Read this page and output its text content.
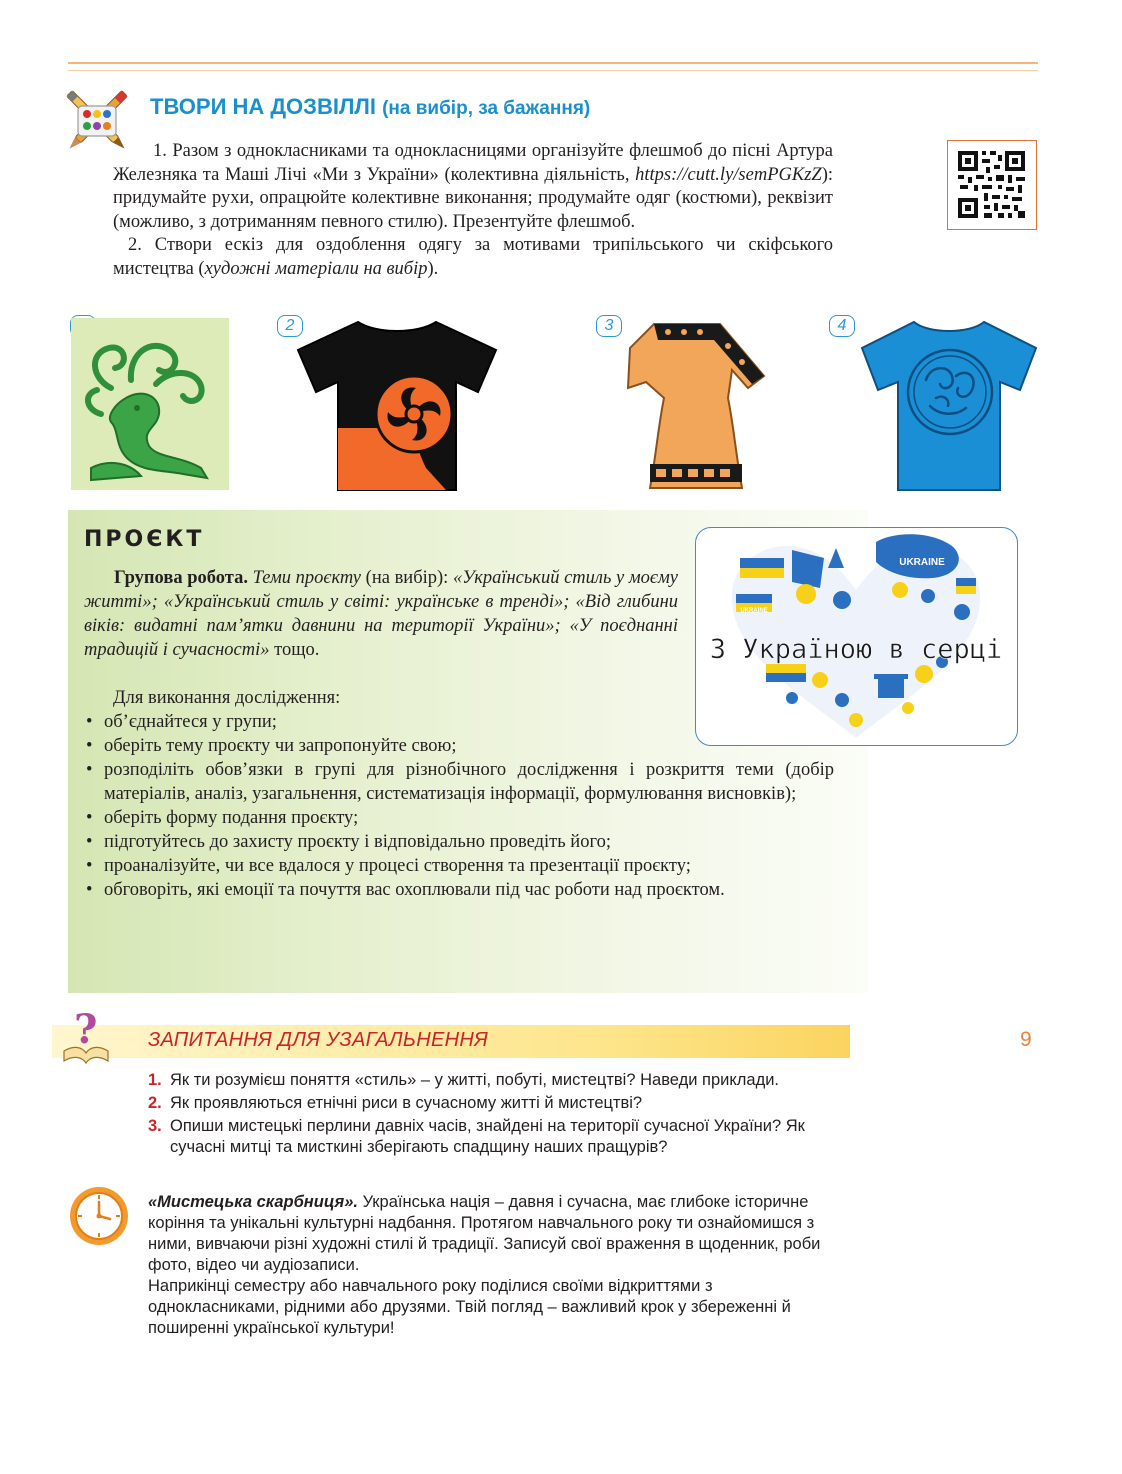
ТВОРИ НА ДОЗВІЛЛІ (на вибір, за бажання)

1. Разом з однокласниками та однокласницями організуйте флешмоб до пісні Артура Железняка та Маші Лічі «Ми з України» (колективна діяльність, https://cutt.ly/semPGKzZ): придумайте рухи, опрацюйте колективне виконання; продумайте одяг (костюми), реквізит (можливо, з дотриманням певного стилю). Презентуйте флешмоб.

2. Створи ескіз для оздоблення одягу за мотивами трипільського чи скіфського мистецтва (художні матеріали на вибір).

2	3	4
ПРОЄКТ
Групова робота. Теми проєкту (на вибір): «Український стиль у моєму житті»; «Український стиль у світі: українське в тренді»; «Від глибини віків: видатні пам’ятки давнини на території України»; «У поєднанні традицій і сучасності» тощо.
Для виконання дослідження:
• об’єднайтеся у групи;
• оберіть тему проєкту чи запропонуйте свою;
• розподіліть обов’язки в групі для різнобічного дослідження і розкриття теми (добір матеріалів, аналіз, узагальнення, систематизація інформації, формулювання висновків);
• оберіть форму подання проєкту;
• підготуйтесь до захисту проєкту і відповідально проведіть його;
• проаналізуйте, чи все вдалося у процесі створення та презентації проєкту;
• обговоріть, які емоції та почуття вас охоплювали під час роботи над проєктом.
UKRAINE
UKRAINE
З Україною в серці
?	ЗАПИТАННЯ ДЛЯ УЗАГАЛЬНЕННЯ
1. Як ти розумієш поняття «стиль» – у житті, побуті, мистецтві? Наведи приклади.
2. Як проявляються етнічні риси в сучасному житті й мистецтві?
3. Опиши мистецькі перлини давніх часів, знайдені на території сучасної України? Як сучасні митці та мисткині зберігають спадщину наших пращурів?

«Мистецька скарбниця». Українська нація – давня і сучасна, має глибоке історичне коріння та унікальні культурні надбання. Протягом навчального року ти ознайомишся з ними, вивчаючи різні художні стилі й традиції. Записуй свої враження в щоденник, роби фото, відео чи аудіозаписи.

Наприкінці семестру або навчального року поділися своїми відкриттями з однокласниками, рідними або друзями. Твій погляд – важливий крок у збереженні й поширенні української культури!

9
